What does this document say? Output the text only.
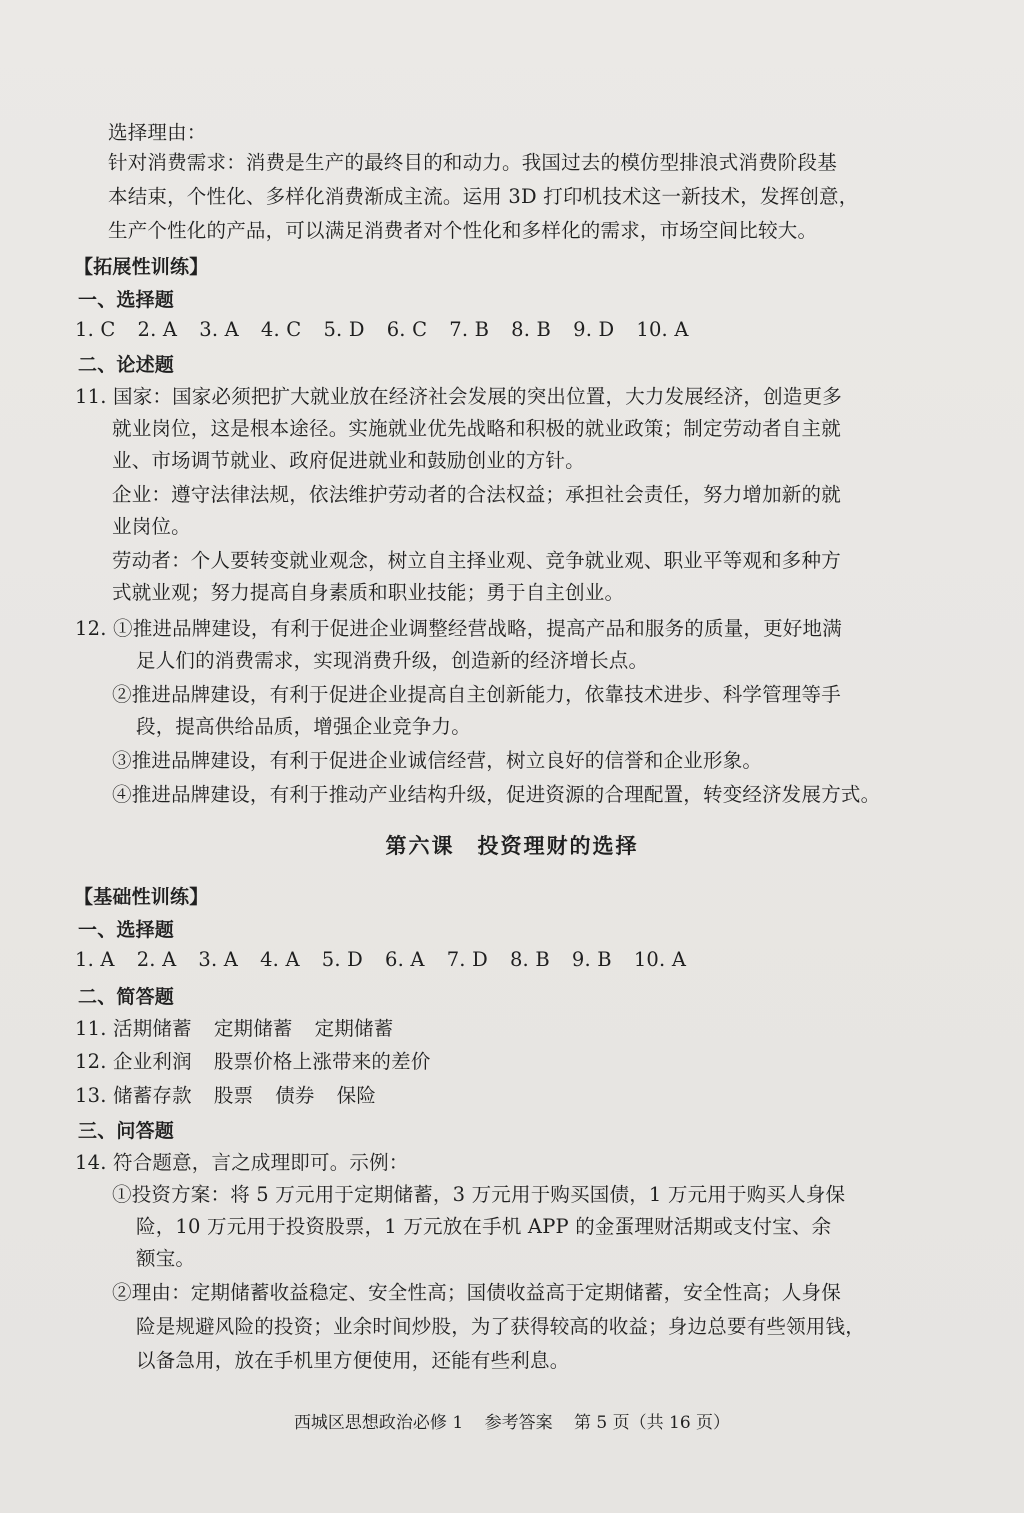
选择理由：
针对消费需求：消费是生产的最终目的和动力。我国过去的模仿型排浪式消费阶段基
本结束，个性化、多样化消费渐成主流。运用 3D 打印机技术这一新技术，发挥创意，
生产个性化的产品，可以满足消费者对个性化和多样化的需求，市场空间比较大。
【拓展性训练】
一、选择题
1. C 2. A 3. A 4. C 5. D 6. C 7. B 8. B 9. D 10. A
二、论述题
11. 国家：国家必须把扩大就业放在经济社会发展的突出位置，大力发展经济，创造更多
就业岗位，这是根本途径。实施就业优先战略和积极的就业政策；制定劳动者自主就
业、市场调节就业、政府促进就业和鼓励创业的方针。
企业：遵守法律法规，依法维护劳动者的合法权益；承担社会责任，努力增加新的就
业岗位。
劳动者：个人要转变就业观念，树立自主择业观、竞争就业观、职业平等观和多种方
式就业观；努力提高自身素质和职业技能；勇于自主创业。
12. ①推进品牌建设，有利于促进企业调整经营战略，提高产品和服务的质量，更好地满
足人们的消费需求，实现消费升级，创造新的经济增长点。
②推进品牌建设，有利于促进企业提高自主创新能力，依靠技术进步、科学管理等手
段，提高供给品质，增强企业竞争力。
③推进品牌建设，有利于促进企业诚信经营，树立良好的信誉和企业形象。
④推进品牌建设，有利于推动产业结构升级，促进资源的合理配置，转变经济发展方式。
第六课　投资理财的选择
【基础性训练】
一、选择题
1. A 2. A 3. A 4. A 5. D 6. A 7. D 8. B 9. B 10. A
二、简答题
11. 活期储蓄 定期储蓄 定期储蓄
12. 企业利润 股票价格上涨带来的差价
13. 储蓄存款 股票 债券 保险
三、问答题
14. 符合题意，言之成理即可。示例：
①投资方案：将 5 万元用于定期储蓄，3 万元用于购买国债，1 万元用于购买人身保
险，10 万元用于投资股票，1 万元放在手机 APP 的金蛋理财活期或支付宝、余
额宝。
②理由：定期储蓄收益稳定、安全性高；国债收益高于定期储蓄，安全性高；人身保
险是规避风险的投资；业余时间炒股，为了获得较高的收益；身边总要有些领用钱，
以备急用，放在手机里方便使用，还能有些利息。
西城区思想政治必修 1 参考答案 第 5 页（共 16 页）
